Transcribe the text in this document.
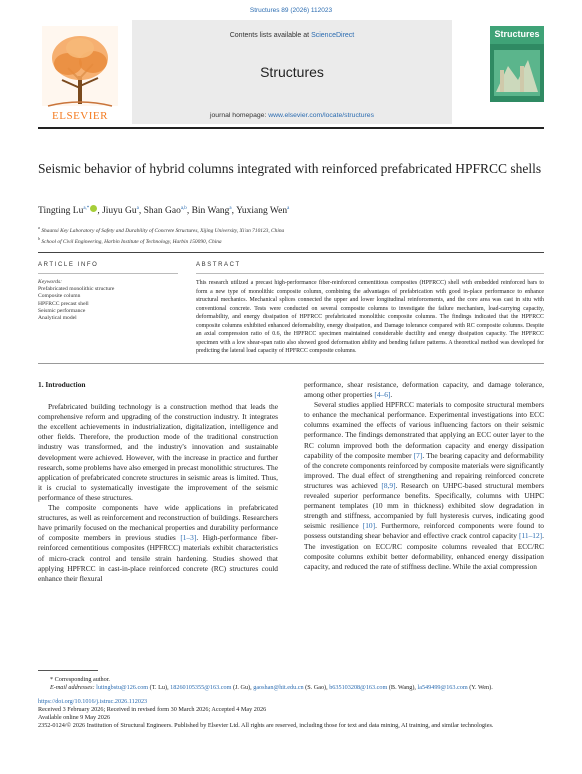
Structures 89 (2026) 112023
ELSEVIER
Contents lists available at ScienceDirect
Structures
journal homepage: www.elsevier.com/locate/structures
Structures
Seismic behavior of hybrid columns integrated with reinforced prefabricated HPFRCC shells
Tingting $Lu^{a,*}$ , Jiuyu Gu$^a$, Shan Gao$^{a,b}$, Bin Wang$^a$, Yuxiang Wen$^a$
$^a$ Shaanxi Key Laboratory of Safety and Durability of Concrete Structures, Xijing University, Xi'an 710123, China
$^b$ School of Civil Engineering, Harbin Institute of Technology, Harbin 150090, China
ARTICLE INFO	ABSTRACT
Keywords:
Prefabricated monolithic structure
Composite column
HPFRCC precast shell
Seismic performance
Analytical model
This research utilized a precast high-performance fiber-reinforced cementitious composites (HPFRCC) shell with embedded reinforced bars to form a new type of monolithic composite column, combining the advantages of prefabrication with good in-place performance to enhance structural mechanics. Mechanical splices connected the upper and lower longitudinal reinforcements, and the core area was cast in situ with conventional concrete. Tests were conducted on several composite columns to investigate the failure mechanism, load-carrying capacity, deformability, and energy dissipation of HPFRCC prefabricated monolithic composite columns. The findings indicated that the HPFRCC composite columns exhibited enhanced deformability, energy dissipation, and Damage tolerance compared with RC composite columns. Despite an axial compression ratio of 0.6, the HPFRCC specimen maintained considerable ductility and energy dissipation capacity. The HPFRCC specimen with a low shear-span ratio also showed good deformation ability and bending failure patterns. A theoretical method was developed for predicting the lateral load capacity of HPFRCC composite columns.
1. Introduction

Prefabricated building technology is a construction method that leads the comprehensive reform and upgrading of the construction industry. It integrates the excellent achievements in industrialization, digitalization, intelligence and other fields. Therefore, the production mode of the traditional construction industry was transformed, and the industry's innovation and sustainable development were achieved. However, with the increase in practice and further research, some problems have also emerged in precast monolithic structures. The application of prefabricated concrete structures in seismic areas is limited. Thus, it is crucial to systematically investigate the improvement of the seismic performance of these structures.

The composite components have wide applications in prefabricated structures, as well as reinforcement and reconstruction of buildings. Researchers have primarily focused on the mechanical properties and durability performance of composite members in previous studies [1–3]. High-performance fiber-reinforced cementitious composites (HPFRCC) materials exhibit characteristics of micro-crack control and tensile strain hardening. Studies showed that applying HPFRCC in cast-in-place reinforced concrete (RC) structures could enhance their flexural

performance, shear resistance, deformation capacity, and damage tolerance, among other properties [4–6].

Several studies applied HPFRCC materials to composite structural members to enhance the mechanical performance. Experimental investigations into ECC columns examined the effects of various influencing factors on their seismic performance. The findings demonstrated that applying an ECC outer layer to the RC column improved both the deformation capacity and energy dissipation capability of the composite member [7]. The bearing capacity and deformability of the concrete components reinforced by composite materials were significantly improved. The dual effect of strengthening and repairing reinforced concrete structures was achieved [8,9]. Research on UHPC-based structural members revealed superior performance benefits. Specifically, columns with UHPC permanent templates (10 mm in thickness) exhibited slow degradation in strength and stiffness, accompanied by full hysteresis curves, indicating good seismic resilience [10]. Furthermore, reinforced components were found to possess outstanding shear behavior and effective crack control capacity [11–12]. The investigation on ECC/RC composite columns revealed that ECC/RC composite columns exhibit better deformability, enhanced energy dissipation capacity, and reduced the rate of stiffness decline. While the axial compression

* Corresponding author.

E-mail addresses: lutingbstu@126.com (T. Lu), 18260105355@163.com (J. Gu), gaoshan@hit.edu.cn (S. Gao), b635103208@163.com (B. Wang), la549499@163.com (Y. Wen).

https://doi.org/10.1016/j.istruc.2026.112023

Received 3 February 2026; Received in revised form 30 March 2026; Accepted 4 May 2026

Available online 9 May 2026

2352-0124/© 2026 Institution of Structural Engineers. Published by Elsevier Ltd. All rights are reserved, including those for text and data mining, AI training, and similar technologies.
